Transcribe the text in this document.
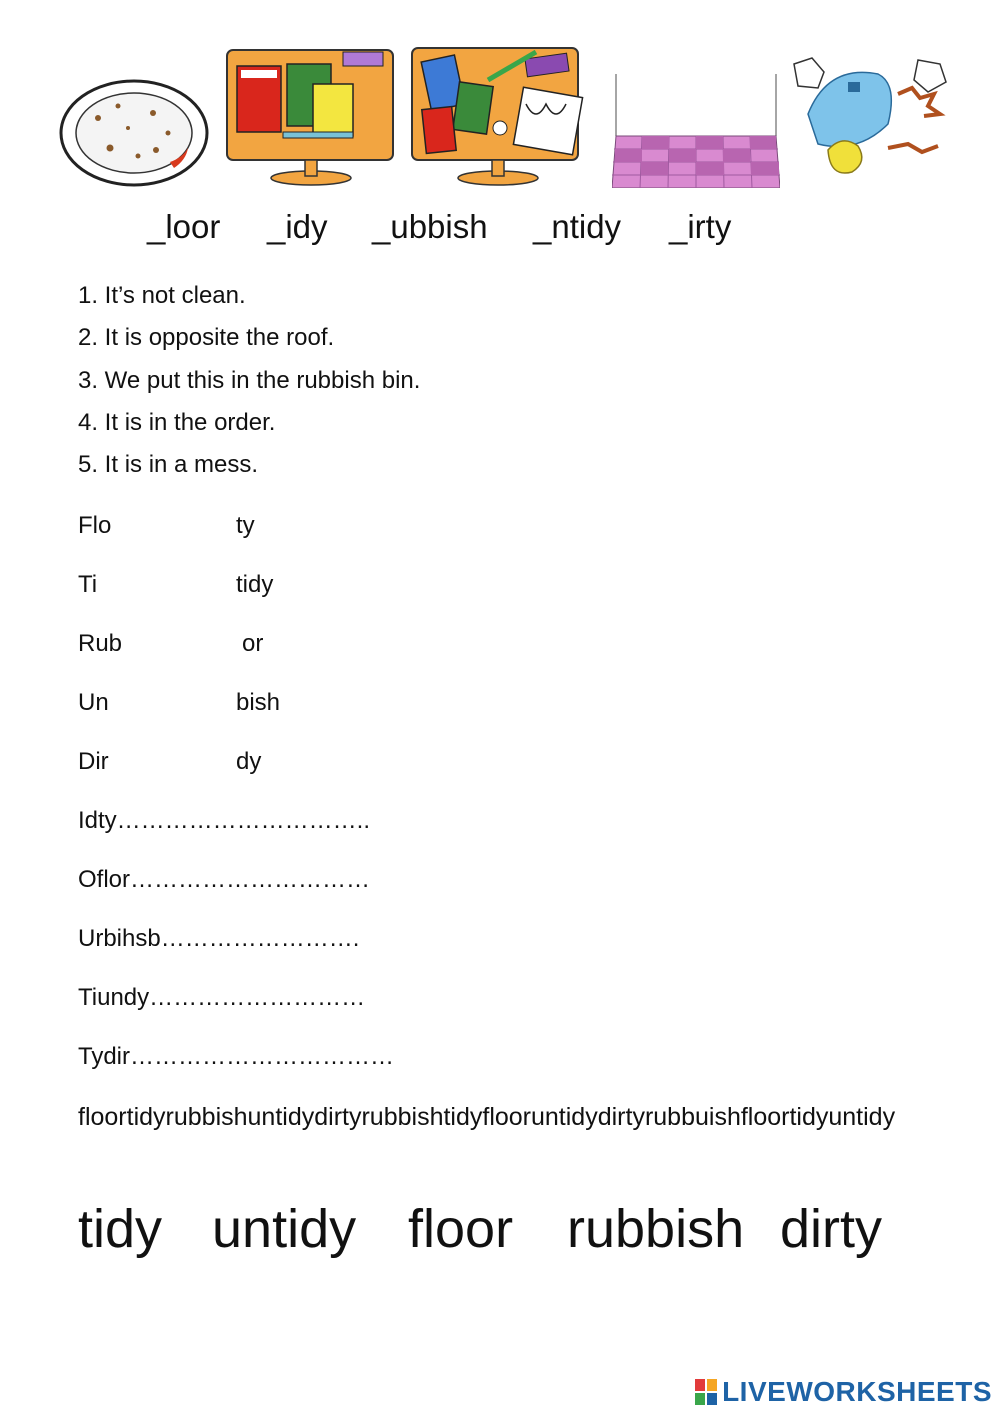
_loor _idy _ubbish _ntidy _irty
1. It’s not clean.
2. It is opposite the roof.
3. We put this in the rubbish bin.
4. It is in the order.
5. It is in a mess.
Flo	ty
Ti	tidy
Rub	or
Un	bish
Dir	dy
Idty…………………………..
Oflor…………………………
Urbihsb…………………….
Tiundy………………………
Tydir……………………………
floortidyrubbishuntidydirtyrubbishtidyflooruntidydirtyrubbuishfloortidyuntidy
tidy untidy floor rubbish dirty
LIVEWORKSHEETS
